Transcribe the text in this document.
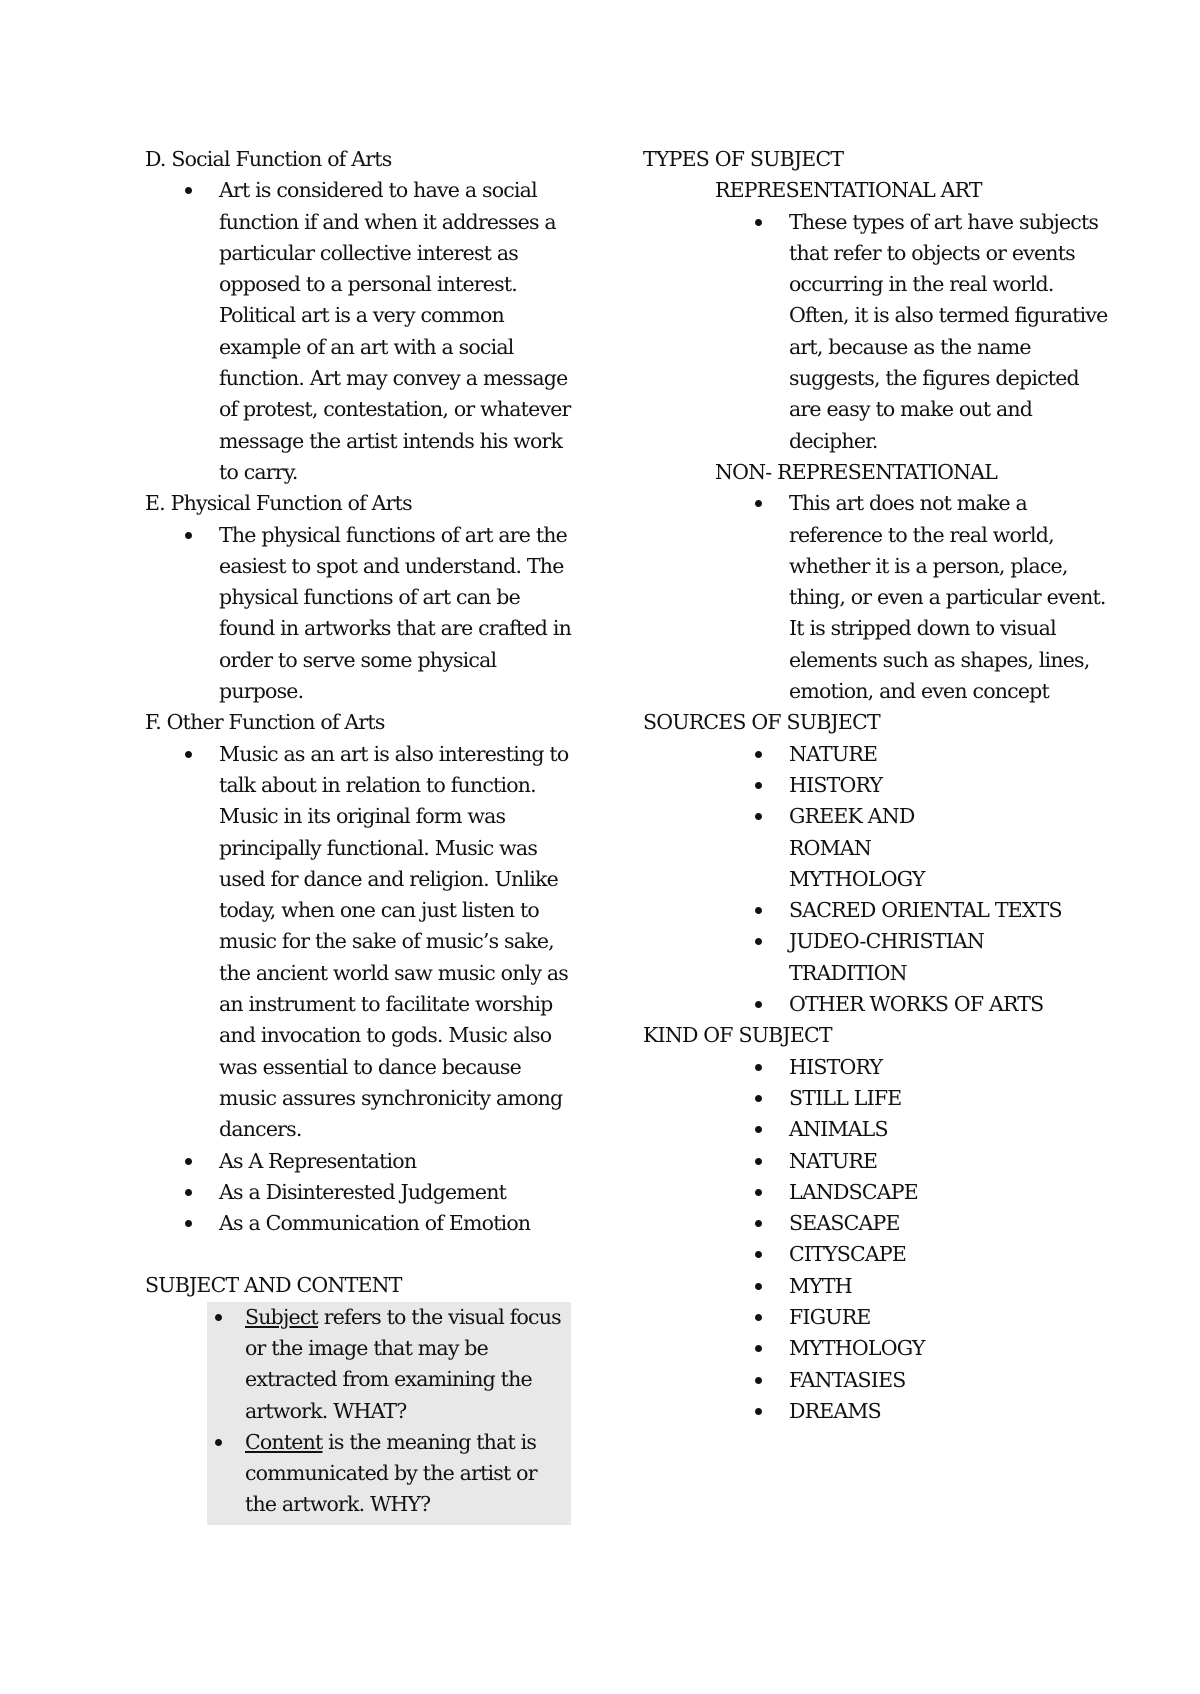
D. Social Function of Arts

Art is considered to have a social function if and when it addresses a particular collective interest as opposed to a personal interest. Political art is a very common example of an art with a social function. Art may convey a message of protest, contestation, or whatever message the artist intends his work to carry.

E. Physical Function of Arts

The physical functions of art are the easiest to spot and understand. The physical functions of art can be found in artworks that are crafted in order to serve some physical purpose.

F. Other Function of Arts

Music as an art is also interesting to talk about in relation to function. Music in its original form was principally functional. Music was used for dance and religion. Unlike today, when one can just listen to music for the sake of music’s sake, the ancient world saw music only as an instrument to facilitate worship and invocation to gods. Music also was essential to dance because music assures synchronicity among dancers.
As A Representation
As a Disinterested Judgement
As a Communication of Emotion

SUBJECT AND CONTENT

Subject refers to the visual focus or the image that may be extracted from examining the artwork. WHAT?
Content is the meaning that is communicated by the artist or the artwork. WHY?

TYPES OF SUBJECT

REPRESENTATIONAL ART

These types of art have subjects that refer to objects or events occurring in the real world. Often, it is also termed figurative art, because as the name suggests, the figures depicted are easy to make out and decipher.

NON- REPRESENTATIONAL

This art does not make a reference to the real world, whether it is a person, place, thing, or even a particular event. It is stripped down to visual elements such as shapes, lines, emotion, and even concept

SOURCES OF SUBJECT

NATURE
HISTORY
GREEK AND ROMAN MYTHOLOGY
SACRED ORIENTAL TEXTS
JUDEO-CHRISTIAN TRADITION
OTHER WORKS OF ARTS

KIND OF SUBJECT

HISTORY
STILL LIFE
ANIMALS
NATURE
LANDSCAPE
SEASCAPE
CITYSCAPE
MYTH
FIGURE
MYTHOLOGY
FANTASIES
DREAMS
